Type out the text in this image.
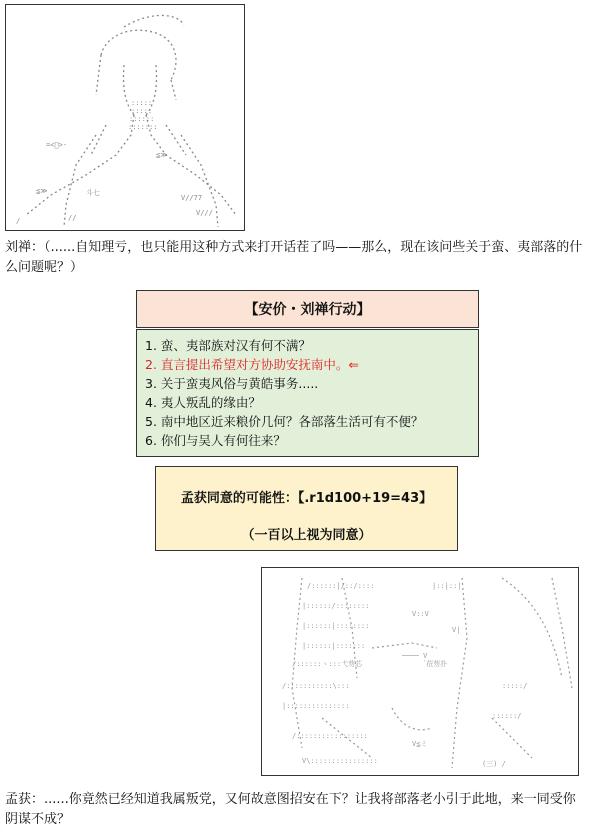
:::::
:::::
::::::
:::::::
=<ﾟ>-
≦≫
≦≫	斗七
V//77
V///
/	//
刘禅：（......自知理亏，也只能用这种方式来打开话茬了吗——那么，现在该问些关于蛮、夷部落的什么问题呢？）
【安价・刘禅行动】
1. 蛮、夷部族对汉有何不满？
2. 直言提出希望对方协助安抚南中。⇐
3. 关于蛮夷风俗与黄皓事务.....
4. 夷人叛乱的缘由？
5. 南中地区近来粮价几何？各部落生活可有不便？
6. 你们与吴人有何往来？
孟获同意的可能性：【.r1d100+19=43】
（一百以上视为同意）
/::::::|/::/::::	|::|::|
|::::::/::::::::
V::V
|::::::|::::::::	V|
|::::::|:::::::
──── V
/::::::ヽ:::弋芴芯	´莅芴扑
/:::::::::::\:::	:::::/
|:::::::::::::::
::::::/
/:::::::::::::::::
V≦ミ
V\::::::::::::::::	(三) /
孟获：......你竟然已经知道我属叛党，又何故意图招安在下？让我将部落老小引于此地，来一同受你阴谋不成？
